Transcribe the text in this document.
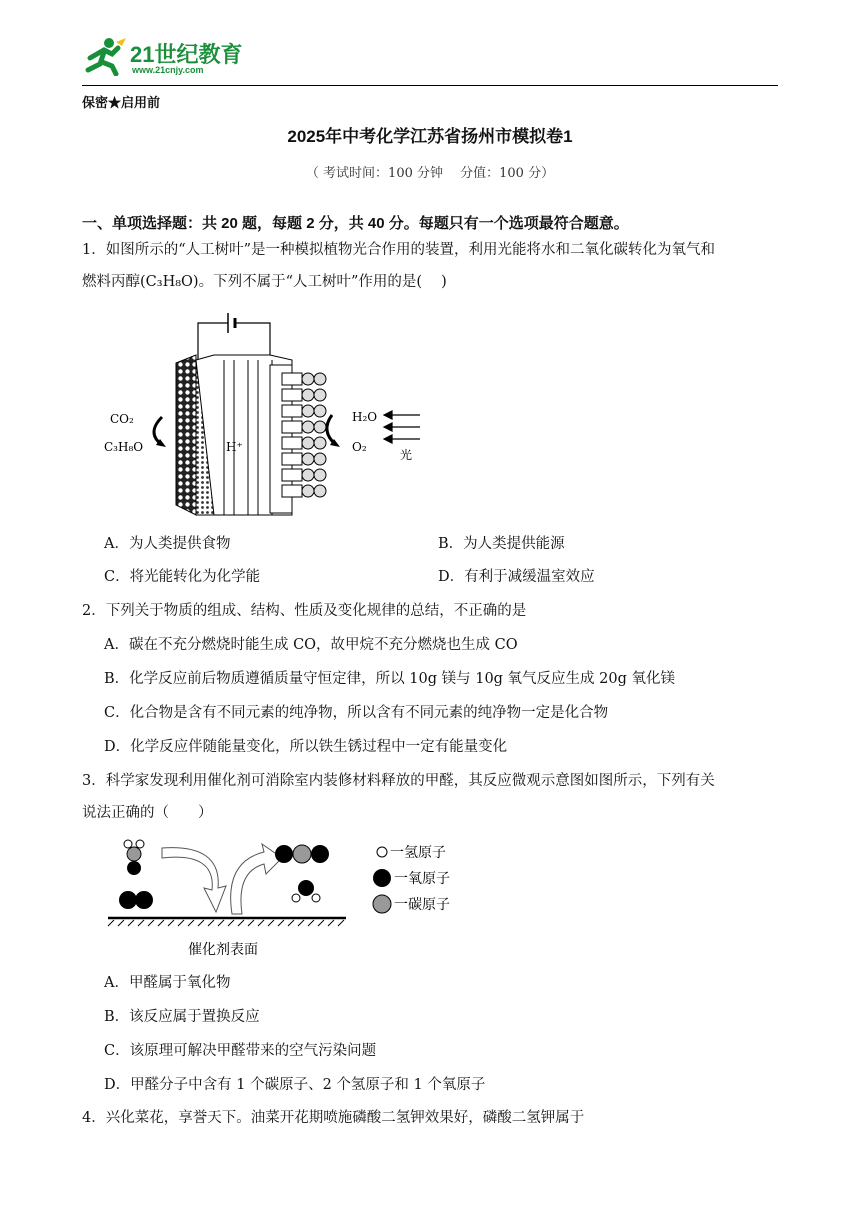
21世纪教育
www.21cnjy.com
保密★启用前
2025年中考化学江苏省扬州市模拟卷1
（ 考试时间：100 分钟　 分值：100 分）
一、单项选择题：共 20 题，每题 2 分，共 40 分。每题只有一个选项最符合题意。
1．如图所示的“人工树叶”是一种模拟植物光合作用的装置，利用光能将水和二氧化碳转化为氧气和
燃料丙醇(C₃H₈O)。下列不属于“人工树叶”作用的是(　 )
CO₂
C₃H₈O	H⁺
H₂O
O₂
光
A．为人类提供食物	B．为人类提供能源
C．将光能转化为化学能	D．有利于减缓温室效应
2．下列关于物质的组成、结构、性质及变化规律的总结，不正确的是
A．碳在不充分燃烧时能生成 CO，故甲烷不充分燃烧也生成 CO
B．化学反应前后物质遵循质量守恒定律，所以 10g 镁与 10g 氧气反应生成 20g 氧化镁
C．化合物是含有不同元素的纯净物，所以含有不同元素的纯净物一定是化合物
D．化学反应伴随能量变化，所以铁生锈过程中一定有能量变化
3．科学家发现利用催化剂可消除室内装修材料释放的甲醛，其反应微观示意图如图所示，下列有关
说法正确的（　　）
催化剂表面
一氢原子
一氧原子
一碳原子
A．甲醛属于氧化物
B．该反应属于置换反应
C．该原理可解决甲醛带来的空气污染问题
D．甲醛分子中含有 1 个碳原子、2 个氢原子和 1 个氧原子
4．兴化菜花，享誉天下。油菜开花期喷施磷酸二氢钾效果好，磷酸二氢钾属于
